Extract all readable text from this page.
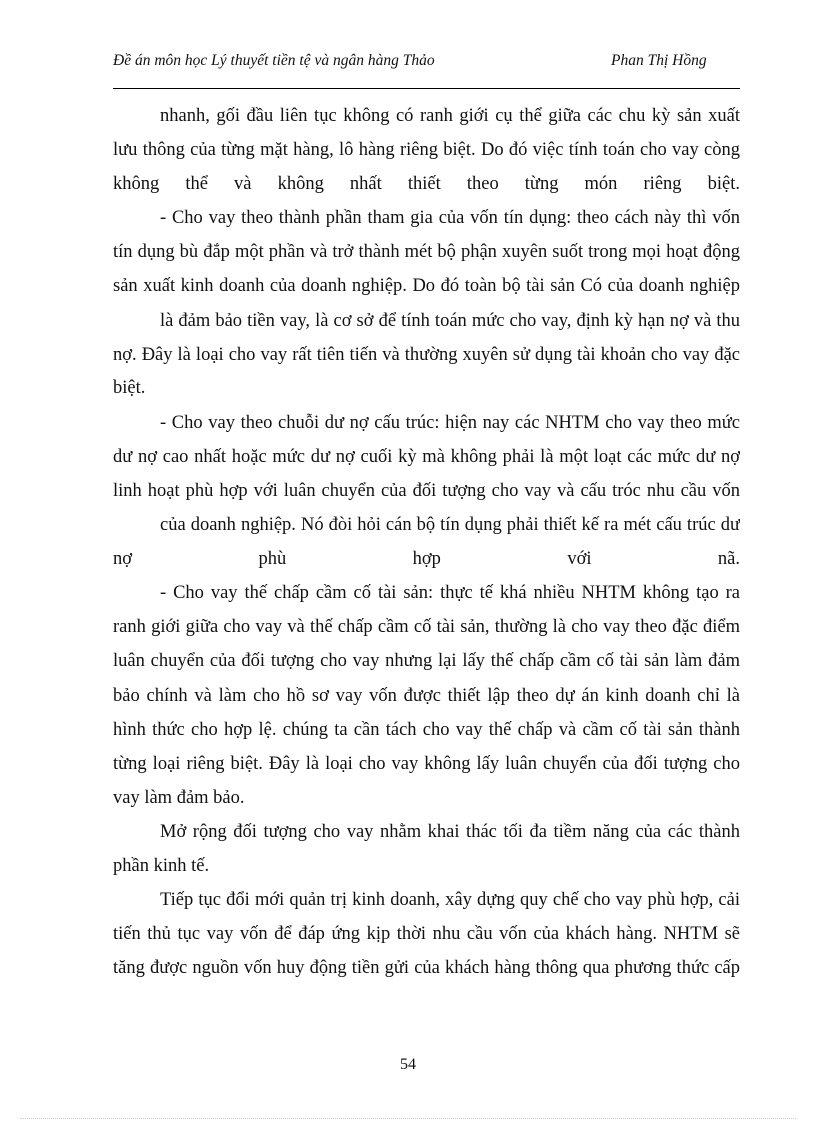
Đề án môn học Lý thuyết tiền tệ và ngân hàng Thảo	Phan Thị Hồng
nhanh, gối đầu liên tục không có ranh giới cụ thể giữa các chu kỳ sản xuất
lưu thông của từng mặt hàng, lô hàng riêng biệt. Do đó việc tính toán cho vay còng
không thể và không nhất thiết theo từng món riêng biệt.
- Cho vay theo thành phần tham gia của vốn tín dụng: theo cách này thì vốn
tín dụng bù đắp một phần và trở thành mét bộ phận xuyên suốt trong mọi hoạt động
sản xuất kinh doanh của doanh nghiệp. Do đó toàn bộ tài sản Có của doanh nghiệp
là đảm bảo tiền vay, là cơ sở để tính toán mức cho vay, định kỳ hạn nợ và thu
nợ. Đây là loại cho vay rất tiên tiến và thường xuyên sử dụng tài khoản cho vay đặc
biệt.
- Cho vay theo chuỗi dư nợ cấu trúc: hiện nay các NHTM cho vay theo mức
dư nợ cao nhất hoặc mức dư nợ cuối kỳ mà không phải là một loạt các mức dư nợ
linh hoạt phù hợp với luân chuyển của đối tượng cho vay và cấu tróc nhu cầu vốn
của doanh nghiệp. Nó đòi hỏi cán bộ tín dụng phải thiết kế ra mét cấu trúc dư
nợ phù hợp với nã.
- Cho vay thế chấp cầm cố tài sản: thực tế khá nhiều NHTM không tạo ra
ranh giới giữa cho vay và thế chấp cầm cố tài sản, thường là cho vay theo đặc điểm
luân chuyển của đối tượng cho vay nhưng lại lấy thế chấp cầm cố tài sản làm đảm
bảo chính và làm cho hồ sơ vay vốn được thiết lập theo dự án kinh doanh chỉ là
hình thức cho hợp lệ. chúng ta cần tách cho vay thế chấp và cầm cố tài sản thành
từng loại riêng biệt. Đây là loại cho vay không lấy luân chuyển của đối tượng cho
vay làm đảm bảo.
Mở rộng đối tượng cho vay nhằm khai thác tối đa tiềm năng của các thành
phần kinh tế.
Tiếp tục đổi mới quản trị kinh doanh, xây dựng quy chế cho vay phù hợp, cải
tiến thủ tục vay vốn để đáp ứng kịp thời nhu cầu vốn của khách hàng. NHTM sẽ
tăng được nguồn vốn huy động tiền gửi của khách hàng thông qua phương thức cấp
54
